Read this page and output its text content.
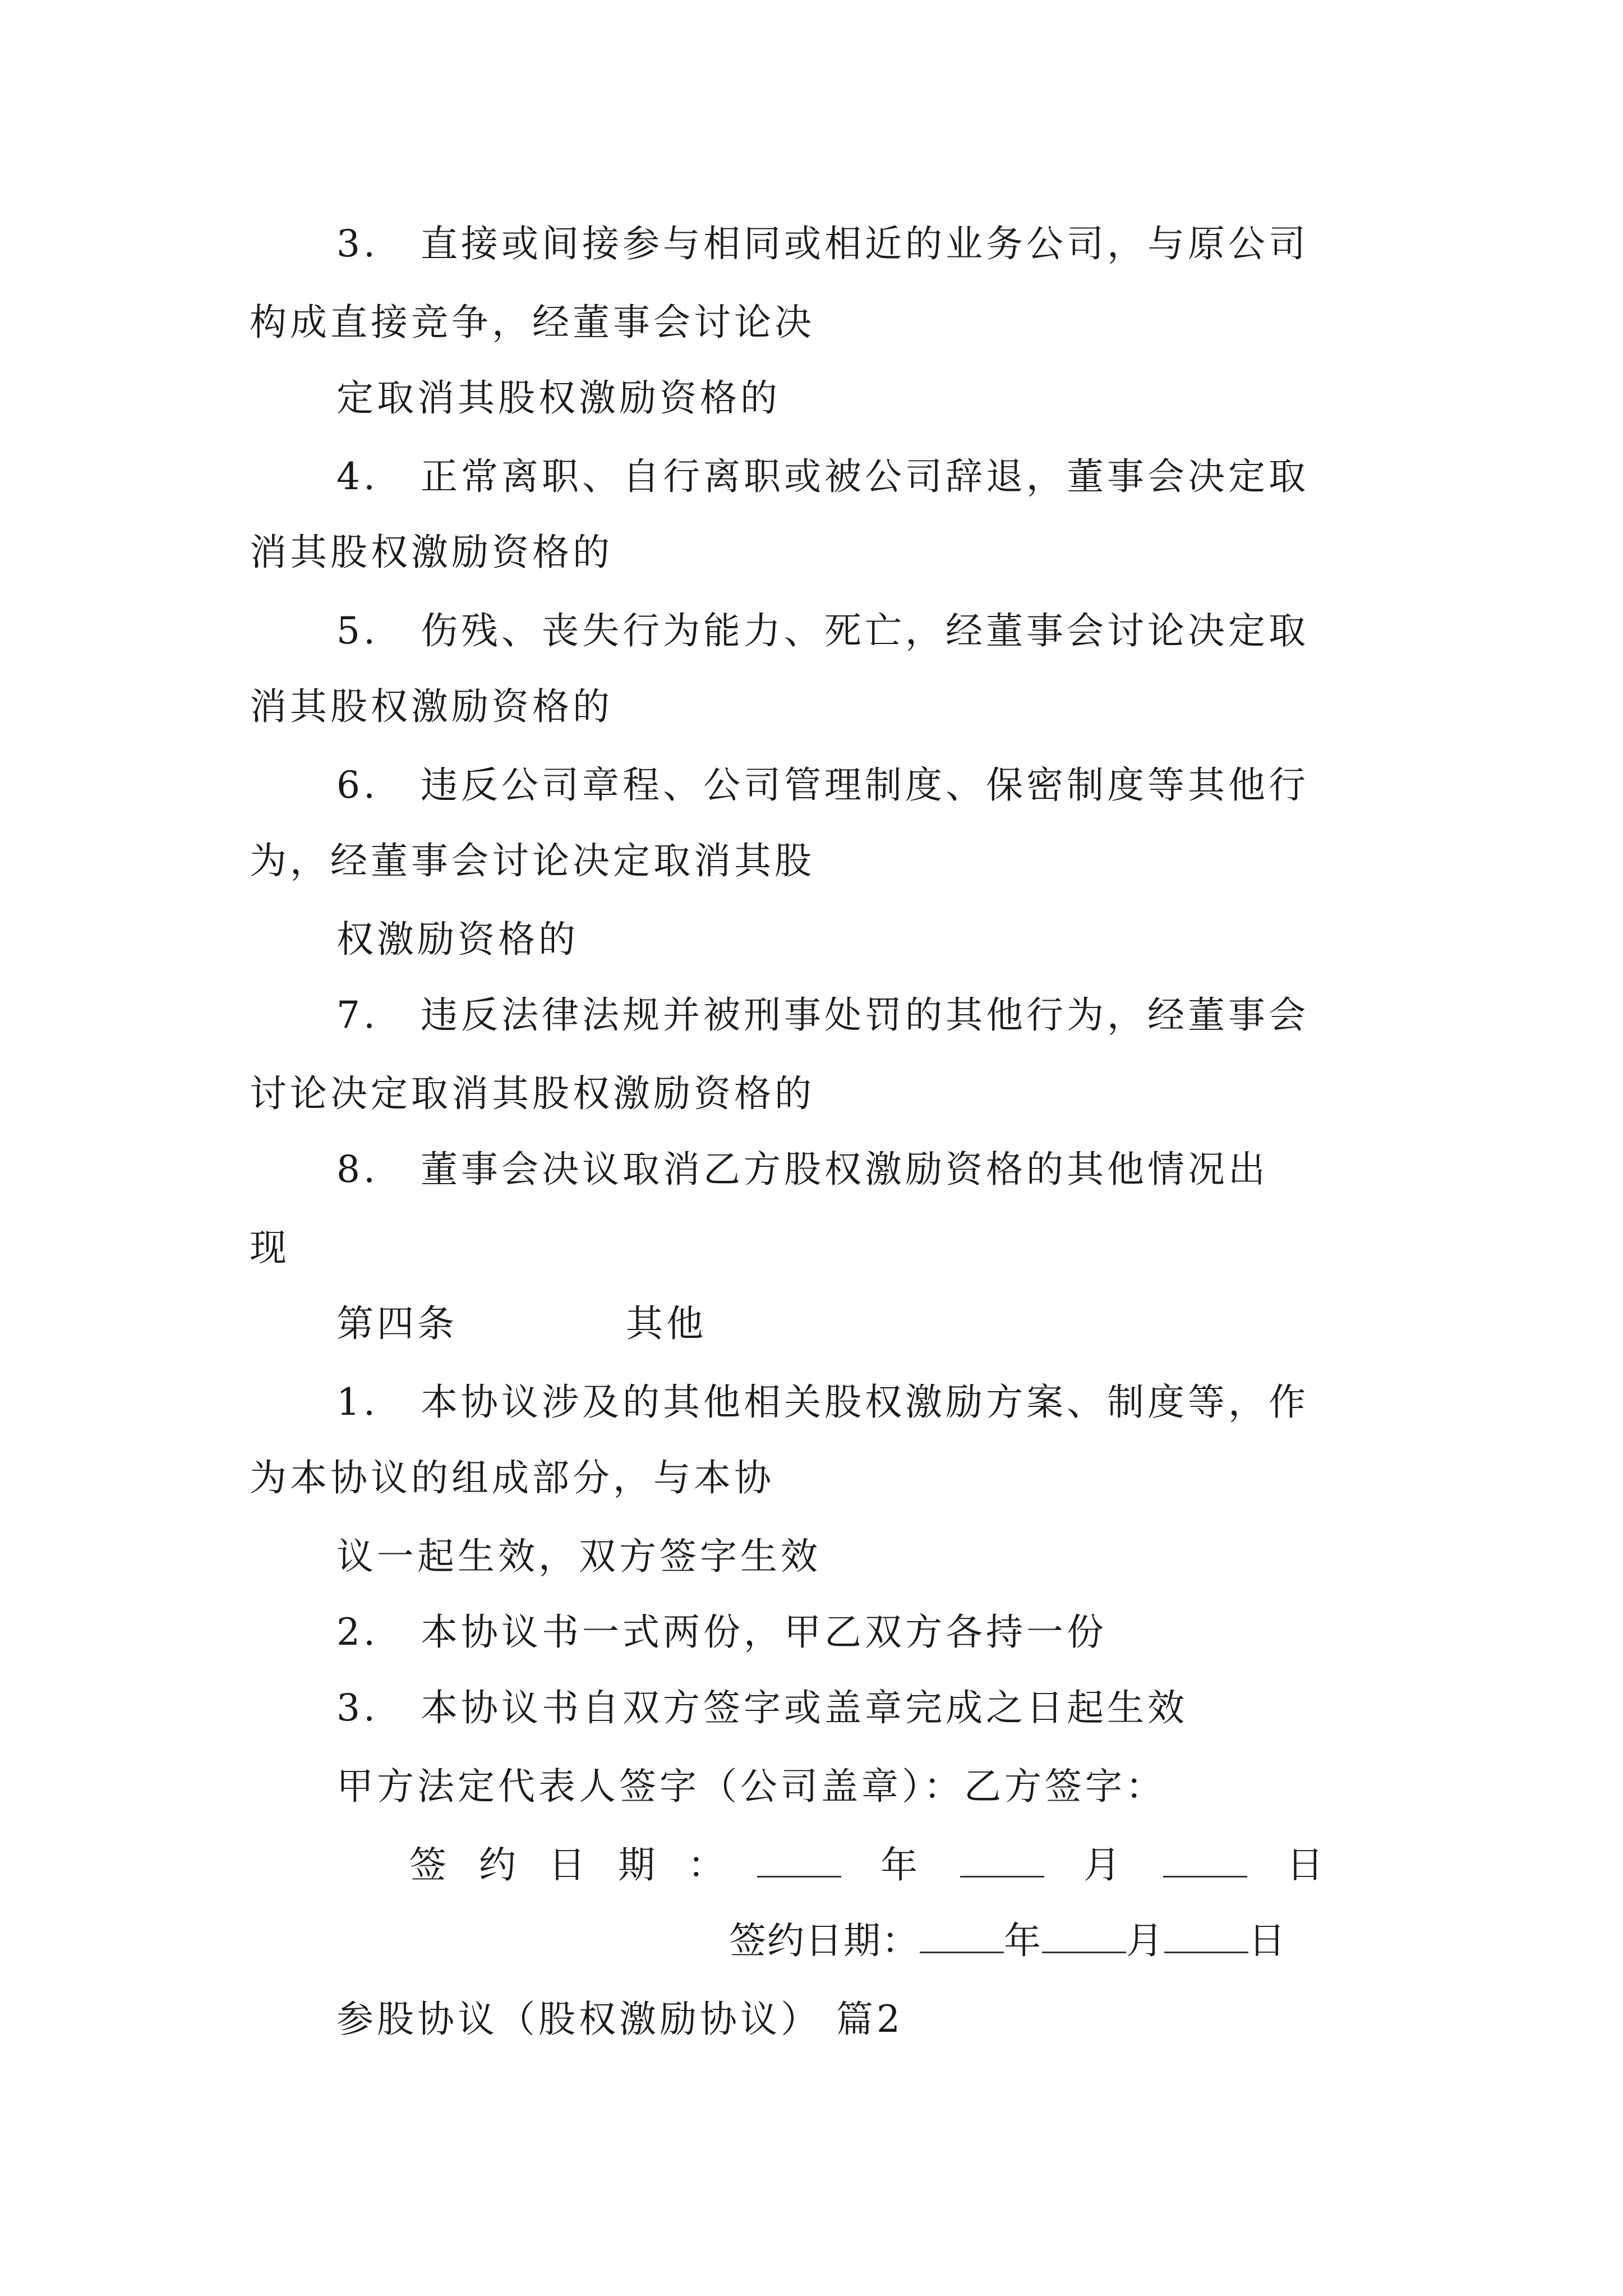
3. 直接或间接参与相同或相近的业务公司，与原公司
构成直接竞争，经董事会讨论决
定取消其股权激励资格的
4. 正常离职、自行离职或被公司辞退，董事会决定取
消其股权激励资格的
5. 伤残、丧失行为能力、死亡，经董事会讨论决定取
消其股权激励资格的
6. 违反公司章程、公司管理制度、保密制度等其他行
为，经董事会讨论决定取消其股
权激励资格的
7. 违反法律法规并被刑事处罚的其他行为，经董事会
讨论决定取消其股权激励资格的
8. 董事会决议取消乙方股权激励资格的其他情况出
现
第四条	其他
1. 本协议涉及的其他相关股权激励方案、制度等，作
为本协议的组成部分，与本协
议一起生效，双方签字生效
2. 本协议书一式两份，甲乙双方各持一份
3. 本协议书自双方签字或盖章完成之日起生效
甲方法定代表人签字（公司盖章）：乙方签字：
签约日期：	年	月	日
签约日期： 年 月 日
参股协议（股权激励协议） 篇2
